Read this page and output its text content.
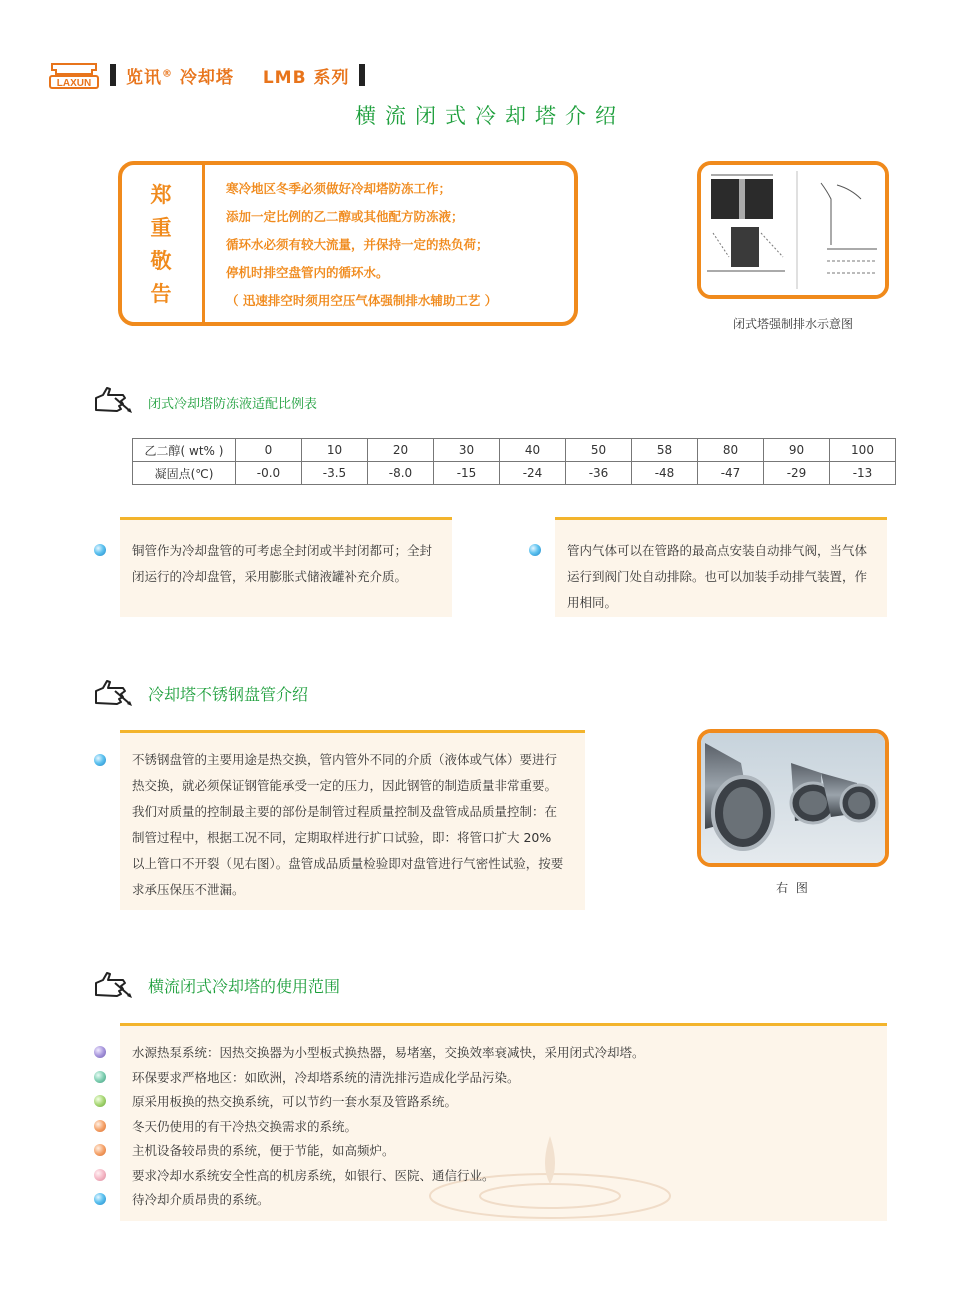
LAXUN	览讯® 冷却塔 LMB 系列
横流闭式冷却塔介绍
郑
重
敬
告
寒冷地区冬季必须做好冷却塔防冻工作；
添加一定比例的乙二醇或其他配方防冻液；
循环水必须有较大流量，并保持一定的热负荷；
停机时排空盘管内的循环水。
（ 迅速排空时须用空压气体强制排水辅助工艺 ）
闭式塔强制排水示意图
闭式冷却塔防冻液适配比例表
乙二醇( wt% )	0	10	20	30	40	50	58	80	90	100
凝固点(℃)	-0.0	-3.5	-8.0	-15	-24	-36	-48	-47	-29	-13
铜管作为冷却盘管的可考虑全封闭或半封闭都可；全封闭运行的冷却盘管，采用膨胀式储液罐补充介质。
管内气体可以在管路的最高点安装自动排气阀，当气体运行到阀门处自动排除。也可以加装手动排气装置，作用相同。
冷却塔不锈钢盘管介绍
不锈钢盘管的主要用途是热交换，管内管外不同的介质（液体或气体）要进行热交换，就必须保证钢管能承受一定的压力，因此钢管的制造质量非常重要。我们对质量的控制最主要的部份是制管过程质量控制及盘管成品质量控制：在制管过程中，根据工况不同，定期取样进行扩口试验，即：将管口扩大 20% 以上管口不开裂（见右图）。盘管成品质量检验即对盘管进行气密性试验，按要求承压保压不泄漏。	右 图
横流闭式冷却塔的使用范围
水源热泵系统：因热交换器为小型板式换热器，易堵塞，交换效率衰减快，采用闭式冷却塔。
环保要求严格地区：如欧洲，冷却塔系统的清洗排污造成化学品污染。
原采用板换的热交换系统，可以节约一套水泵及管路系统。
冬天仍使用的有干冷热交换需求的系统。
主机设备较昂贵的系统，便于节能，如高频炉。
要求冷却水系统安全性高的机房系统，如银行、医院、通信行业。
待冷却介质昂贵的系统。
